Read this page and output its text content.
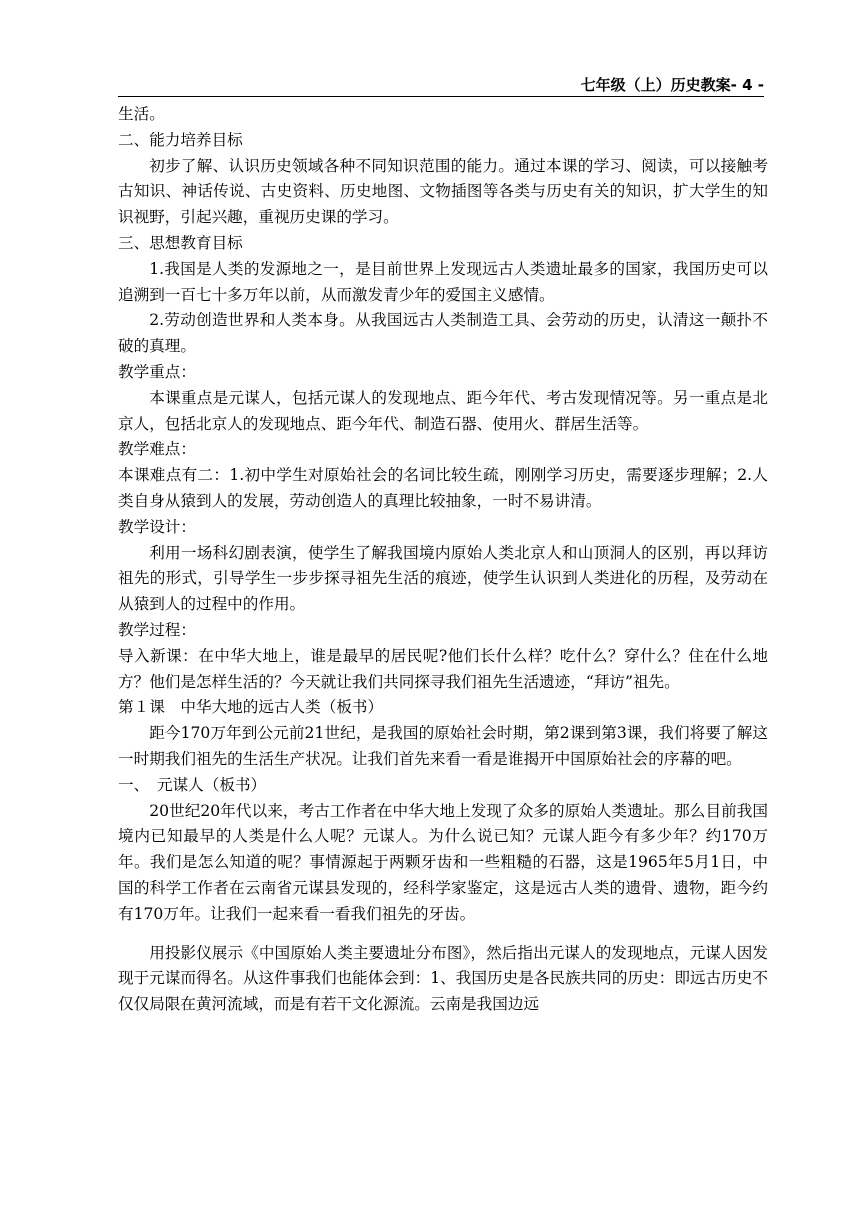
七年级（上）历史教案- 4 -

生活。

二、能力培养目标

初步了解、认识历史领域各种不同知识范围的能力。通过本课的学习、阅读，可以接触考古知识、神话传说、古史资料、历史地图、文物插图等各类与历史有关的知识，扩大学生的知识视野，引起兴趣，重视历史课的学习。

三、思想教育目标

1.我国是人类的发源地之一，是目前世界上发现远古人类遗址最多的国家，我国历史可以追溯到一百七十多万年以前，从而激发青少年的爱国主义感情。

2.劳动创造世界和人类本身。从我国远古人类制造工具、会劳动的历史，认清这一颠扑不破的真理。

教学重点：

本课重点是元谋人，包括元谋人的发现地点、距今年代、考古发现情况等。另一重点是北京人，包括北京人的发现地点、距今年代、制造石器、使用火、群居生活等。

教学难点：

本课难点有二：1.初中学生对原始社会的名词比较生疏，刚刚学习历史，需要逐步理解；2.人类自身从猿到人的发展，劳动创造人的真理比较抽象，一时不易讲清。

教学设计：

利用一场科幻剧表演，使学生了解我国境内原始人类北京人和山顶洞人的区别，再以拜访祖先的形式，引导学生一步步探寻祖先生活的痕迹，使学生认识到人类进化的历程，及劳动在从猿到人的过程中的作用。

教学过程：

导入新课：在中华大地上，谁是最早的居民呢?他们长什么样？吃什么？穿什么？住在什么地方？他们是怎样生活的？今天就让我们共同探寻我们祖先生活遗迹，“拜访”祖先。

第１课　中华大地的远古人类（板书）

距今170万年到公元前21世纪，是我国的原始社会时期，第2课到第3课，我们将要了解这一时期我们祖先的生活生产状况。让我们首先来看一看是谁揭开中国原始社会的序幕的吧。

一、　元谋人（板书）

20世纪20年代以来，考古工作者在中华大地上发现了众多的原始人类遗址。那么目前我国境内已知最早的人类是什么人呢？元谋人。为什么说已知？元谋人距今有多少年？约170万年。我们是怎么知道的呢？事情源起于两颗牙齿和一些粗糙的石器，这是1965年5月1日，中国的科学工作者在云南省元谋县发现的，经科学家鉴定，这是远古人类的遗骨、遗物，距今约有170万年。让我们一起来看一看我们祖先的牙齿。

用投影仪展示《中国原始人类主要遗址分布图》，然后指出元谋人的发现地点，元谋人因发现于元谋而得名。从这件事我们也能体会到：1、我国历史是各民族共同的历史：即远古历史不仅仅局限在黄河流域，而是有若干文化源流。云南是我国边远
